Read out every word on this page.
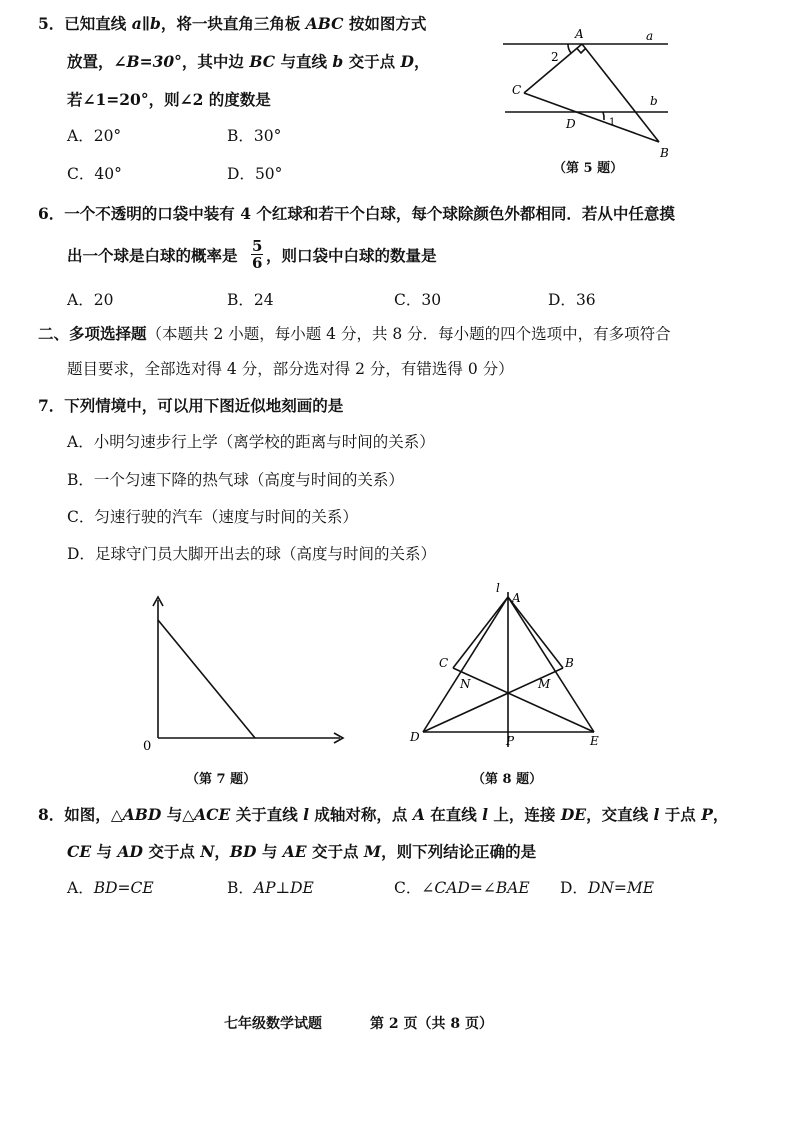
5．已知直线 a∥b，将一块直角三角板 ABC 按如图方式
放置，∠B=30°，其中边 BC 与直线 b 交于点 D，
若∠1=20°，则∠2 的度数是
A．20°	B．30°
C．40°	D．50°
A	a
2
C
b
D	1
B
（第 5 题）
6．一个不透明的口袋中装有 4 个红球和若干个白球，每个球除颜色外都相同．若从中任意摸
出一个球是白球的概率是 $\frac{5}{6}$ ，则口袋中白球的数量是
A．20	B．24	C．30	D．36
二、多项选择题（本题共 2 小题，每小题 4 分，共 8 分．每小题的四个选项中，有多项符合
题目要求，全部选对得 4 分，部分选对得 2 分，有错选得 0 分）
7．下列情境中，可以用下图近似地刻画的是
A．小明匀速步行上学（离学校的距离与时间的关系）
B．一个匀速下降的热气球（高度与时间的关系）
C．匀速行驶的汽车（速度与时间的关系）
D．足球守门员大脚开出去的球（高度与时间的关系）
0
（第 7 题）
l
A
C	B
N	M
D	P	E
（第 8 题）
8．如图，△ABD 与△ACE 关于直线 l 成轴对称，点 A 在直线 l 上，连接 DE，交直线 l 于点 P，
CE 与 AD 交于点 N，BD 与 AE 交于点 M，则下列结论正确的是
A．BD=CE	B．AP⊥DE	C．∠CAD=∠BAE D．DN=ME
七年级数学试题	第 2 页（共 8 页）
